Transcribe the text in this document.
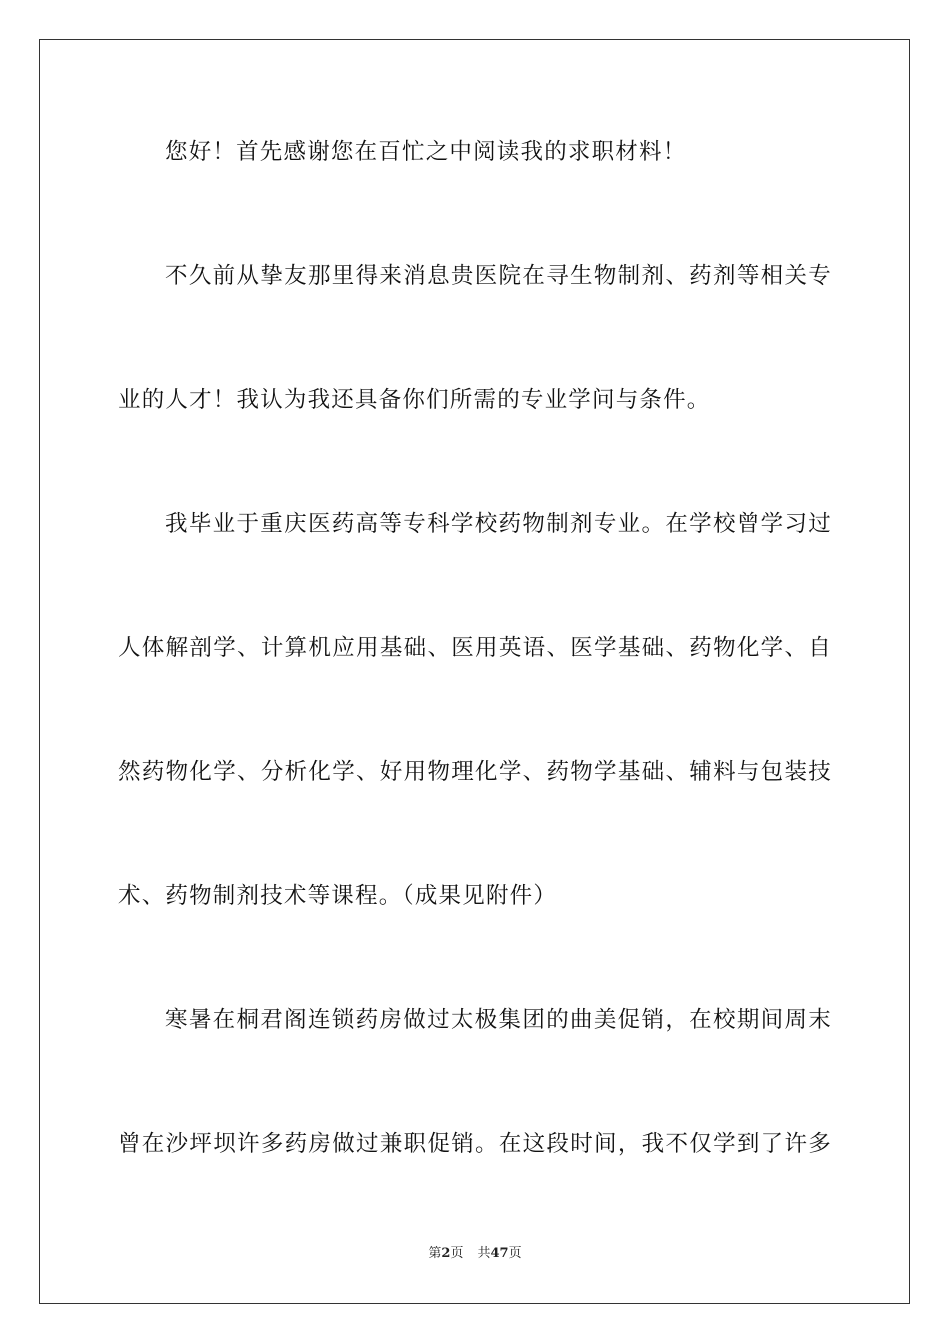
您好！首先感谢您在百忙之中阅读我的求职材料！
不久前从挚友那里得来消息贵医院在寻生物制剂、药剂等相关专
业的人才！我认为我还具备你们所需的专业学问与条件。
我毕业于重庆医药高等专科学校药物制剂专业。在学校曾学习过
人体解剖学、计算机应用基础、医用英语、医学基础、药物化学、自
然药物化学、分析化学、好用物理化学、药物学基础、辅料与包装技
术、药物制剂技术等课程。（成果见附件）
寒暑在桐君阁连锁药房做过太极集团的曲美促销，在校期间周末
曾在沙坪坝许多药房做过兼职促销。在这段时间，我不仅学到了许多
第2页 共47页
